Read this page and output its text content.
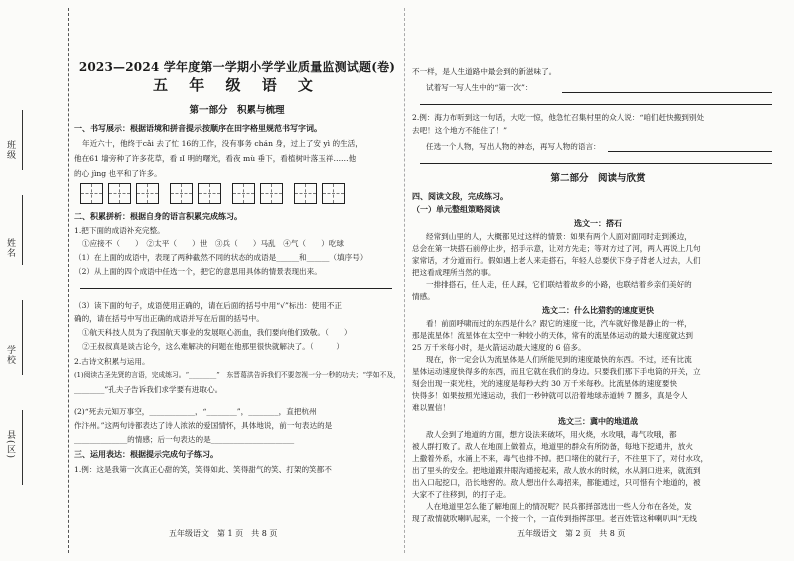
班级
姓名
学校
县(区)
2023—2024 学年度第一学期小学学业质量监测试题(卷)
五 年 级 语 文
第一部分　积累与梳理
一、书写展示：根据语境和拼音提示按顺序在田字格里规范书写字词。
年近六十，他终于cǎi 去了忙 16的工作，没有事务 chán 身，过上了安 yì 的生活，
他在61 墙旁种了许多花草，看 ɪI 明的曙光，看夜 mù 垂下，看植树叶落玉祥……他
的心 jìng 也平和了许多。
二、积累拼析：根据自身的语言积累完成练习。
1.把下面的成语补充完整。
①应接不（　　）　②太平（　　）世　③兵（　　）马乱　④气（　　）吃球
（1）在上面的成语中，表现了两种截然不同的状态的成语是______和______（填序号）
（2）从上面的四个成语中任选一个，把它的意思用具体的情景表现出来。
（3）读下面的句子，成语使用正确的，请在后面的括号中用“√”标出：使用不正
确的，请在括号中写出正确的成语并写在后面的括号中。
①航天科技人员为了我国航天事业的发展呕心沥血，我们要向他们致敬。（　　）
②王叔叔真是谈古论今，这么难解决的问题在他那里很快就解决了。（　　　）
2.古诗文积累与运用。
(1)阅读古圣先贤的言语，完成练习。“________”　东晋葛洪告诉我们不要忽视一分一秒的功夫；“学如不及，
________”孔夫子告诉我们求学要有进取心。
(2)“死去元知万事空，____________，“________”，________，直把杭州
作汴州。”这两句诗都表达了诗人浓浓的爱国情怀，具体地说，前一句表达的是
______________的情感；后一句表达的是______________________
三、运用表达：根据提示完成句子练习。
1.例：这是我第一次真正心甜的笑，笑得如此、笑得甜气的笑、打架的笑都不
五年级语文　第 1 页　共 8 页
不一样，是人生道路中最会到的新滋味了。
试着写一写人生中的“第一次”：
2.例：海力布听到这一句话，大吃一惊，他急忙召集村里的众人说：“咱们赶快搬到别处
去吧！这个地方不能住了！”
任选一个人物，写出人物的神态，再写人物的语言：
第二部分　阅读与欣赏
四、阅读文段，完成练习。
（一）单元整组策略阅读
选文一：搭石
经常到山里的人，大概都见过这样的情景：如果有两个人面对面同时走到溪边，
总会在第一块搭石前停止步，招手示意，让对方先走；等对方过了河，两人再说上几句
家常话，才分道而行。假如遇上老人来走搭石，年轻人总要伏下身子背老人过去，人们
把这看成理所当然的事。
一排排搭石，任人走，任人踩，它们联结着故乡的小路，也联结着乡亲们美好的
情感。
选文二：什么比猎豹的速度更快
看！前面呼啸而过的东西是什么？跟它的速度一比，汽车就好像是静止的一样，
那是流星体！流星体在太空中一种较小的天体，常有的流星体运动的最大速度就达到
25 万千米每小时，是火箭运动最大速度的 6 倍多。
现在，你一定会认为流星体是人们所能见到的速度最快的东西。不过，还有比流
星体运动速度快得多的东西，而且它就在我们的身边。只要我们那下手电筒的开关，立
刻会出现一束光柱，光的速度是每秒大约 30 万千米每秒。比流星体的速度要快
快得多！如果按照光速运动，我们一秒钟就可以沿着地球赤道转 7 圈多，真是令人
难以置信！
选文三：冀中的地道战
敌人会到了地道的方面，想方设法来破坏，用火烧，水攻哦，毒气攻哦，都
被人群打败了。敌人在地面上做着点，地道里的群众有所防备，每地下挖通井，放火
上撒着外系，水涌上不来，毒气也排不掉。把口堵住的就行子，不往里下了，对付水攻，
出了里头的安全。把地道跟井眼沟通接起来，敌人放水的时候，水从洞口进来，就流到
出入口起挖口，沿长地窖的。敌人想出什么毒招来，都能通过，只可惜有个地道的，被
大家不了往移到，的打子走。
人在地道里怎么能了解地面上的情况呢？民兵都择部选出一些人分布在各处，发
现了敌情就吹喇叭起来，一个接一个，一直传到指挥部里。老百姓管这种喇叭叫“无线
五年级语文　第 2 页　共 8 页
